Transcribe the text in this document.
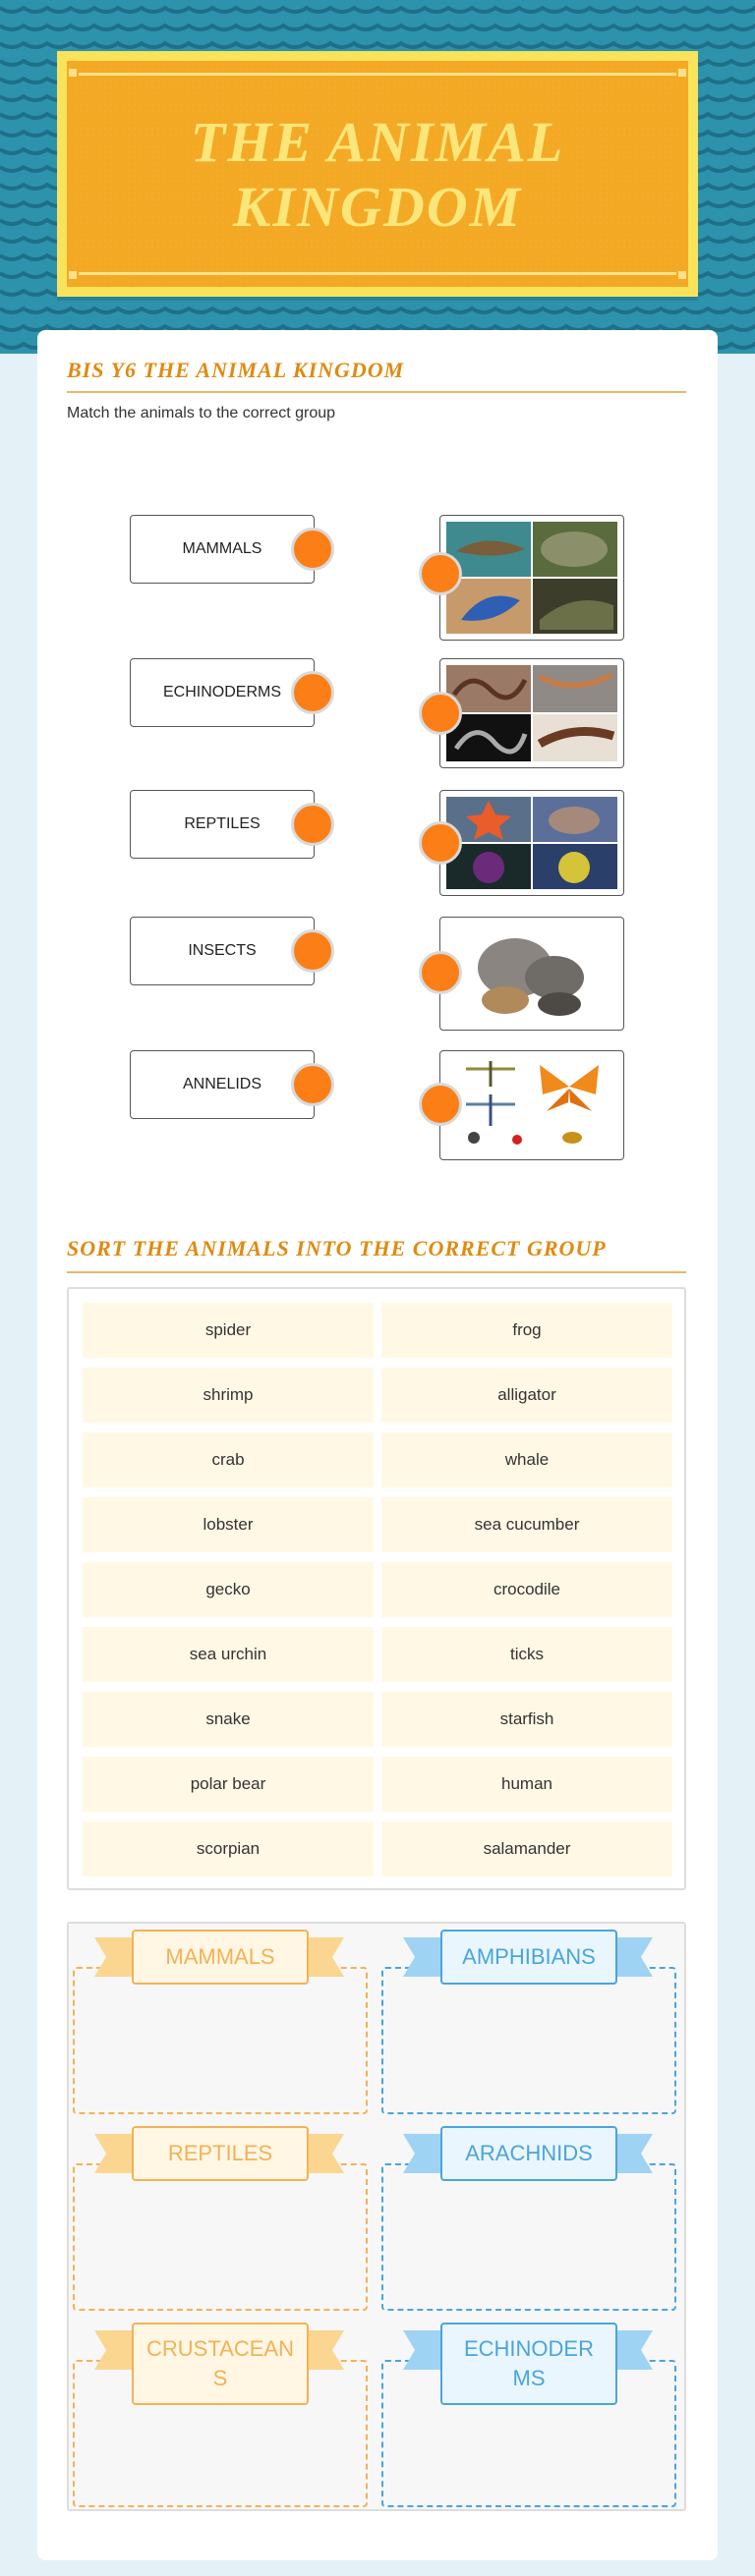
THE ANIMAL
KINGDOM
BIS Y6 THE ANIMAL KINGDOM
Match the animals to the correct group
MAMMALS
ECHINODERMS
REPTILES
INSECTS
ANNELIDS
SORT THE ANIMALS INTO THE CORRECT GROUP
spider	frog
shrimp	alligator
crab	whale
lobster	sea cucumber
gecko	crocodile
sea urchin	ticks
snake	starfish
polar bear	human
scorpian	salamander
MAMMALS	AMPHIBIANS
REPTILES	ARACHNIDS
CRUSTACEAN
S
ECHINODER
MS
